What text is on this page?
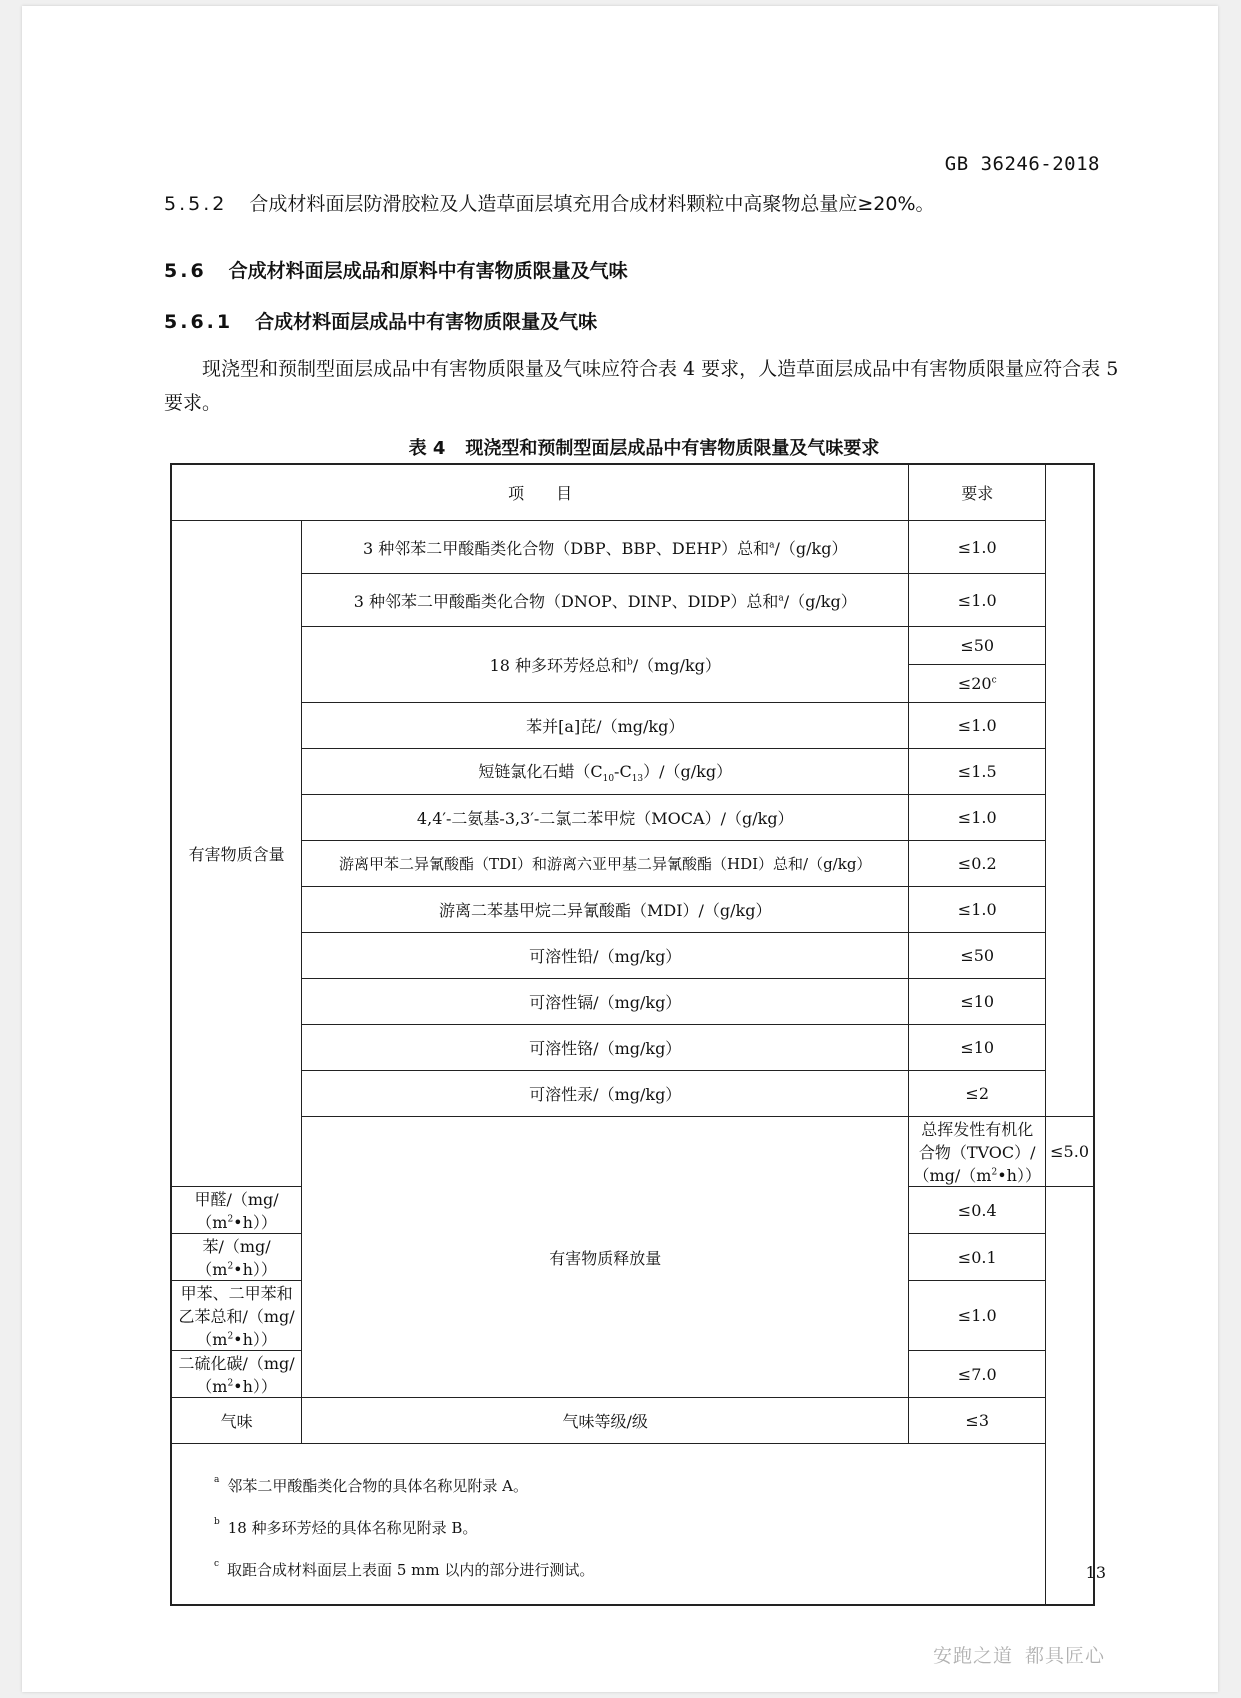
GB 36246-2018
5.5.2 合成材料面层防滑胶粒及人造草面层填充用合成材料颗粒中高聚物总量应≥20%。
5.6 合成材料面层成品和原料中有害物质限量及气味
5.6.1 合成材料面层成品中有害物质限量及气味
现浇型和预制型面层成品中有害物质限量及气味应符合表 4 要求，人造草面层成品中有害物质限量应符合表 5 要求。
表 4 现浇型和预制型面层成品中有害物质限量及气味要求
项　　目		要求	
有害物质含量	3 种邻苯二甲酸酯类化合物（DBP、BBP、DEHP）总和$^a$/（g/kg）	≤1.0	
	3 种邻苯二甲酸酯类化合物（DNOP、DINP、DIDP）总和$^a$/（g/kg）	≤1.0	
	18 种多环芳烃总和$^b$/（mg/kg）	≤50	
		$\le 20^c$
	苯并[a]芘/（mg/kg）	≤1.0	
	短链氯化石蜡$(C_{10}-C_{13})/(g/kg)$	≤1.5	
	4,4′-二氨基-3,3′-二氯二苯甲烷（MOCA）/（g/kg）	≤1.0	
	游离甲苯二异氰酸酯（TDI）和游离六亚甲基二异氰酸酯（HDI）总和/（g/kg）	≤0.2	
	游离二苯基甲烷二异氰酸酯（MDI）/（g/kg）	≤1.0	
	可溶性铅/（mg/kg）	≤50	
	可溶性镉/（mg/kg）	≤10	
	可溶性铬/（mg/kg）	≤10	
	可溶性汞/（mg/kg）	≤2	
	有害物质释放量	总挥发性有机化合物$(TVOC)/(mg/(m^2•h))$	≤5.0
甲醛$/(mg/(m^2•h))$		≤0.4	
苯$/(mg/(m^2•h))$		≤0.1	
甲苯、二甲苯和乙苯总和$/(mg/(m^2•h))$		≤1.0	
二硫化碳$/(mg/(m^2•h))$		≤7.0	
气味	气味等级/级	≤3	

$^a$ 邻苯二甲酸酯类化合物的具体名称见附录 A。
$^b$ 18 种多环芳烃的具体名称见附录 B。
$^c$ 取距合成材料面层上表面 5 mm 以内的部分进行测试。				13
安跑之道 都具匠心
